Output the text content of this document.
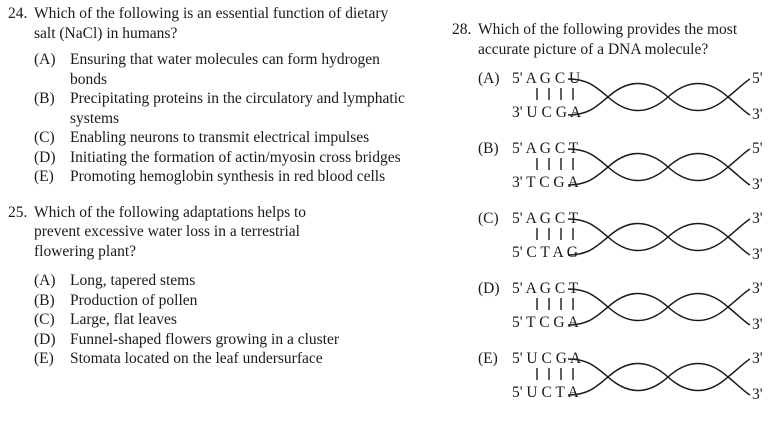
24. Which of the following is an essential function of dietary salt (NaCl) in humans?
(A) Ensuring that water molecules can form hydrogen bonds
(B) Precipitating proteins in the circulatory and lymphatic systems
(C) Enabling neurons to transmit electrical impulses
(D) Initiating the formation of actin/myosin cross bridges
(E) Promoting hemoglobin synthesis in red blood cells
25. Which of the following adaptations helps to prevent excessive water loss in a terrestrial flowering plant?
(A) Long, tapered stems
(B) Production of pollen
(C) Large, flat leaves
(D) Funnel-shaped flowers growing in a cluster
(E) Stomata located on the leaf undersurface
28. Which of the following provides the most accurate picture of a DNA molecule?
(A) 5' A G C U
3' U C G A
5'
3'
(B) 5' A G C T
3' T C G A
5'
3'
(C) 5' A G C T
5' C T A G
3'
3'
(D) 5' A G C T
5' T C G A
3'
3'
(E) 5' U C G A
5' U C T A
3'
3'
